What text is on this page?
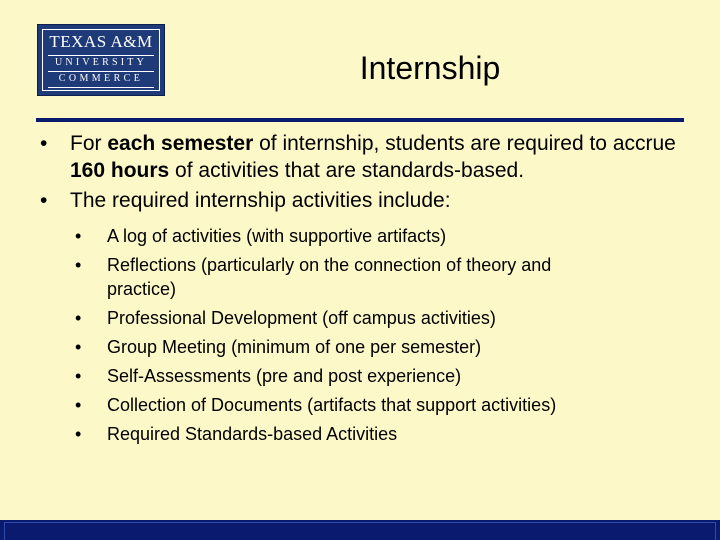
TEXAS A&M
UNIVERSITY
COMMERCE	Internship
• For each semester of internship, students are required to accrue 160 hours of activities that are standards-based.
• The required internship activities include:
• A log of activities (with supportive artifacts)
• Reflections (particularly on the connection of theory and practice)
• Professional Development (off campus activities)
• Group Meeting (minimum of one per semester)
• Self-Assessments (pre and post experience)
• Collection of Documents (artifacts that support activities)
• Required Standards-based Activities
